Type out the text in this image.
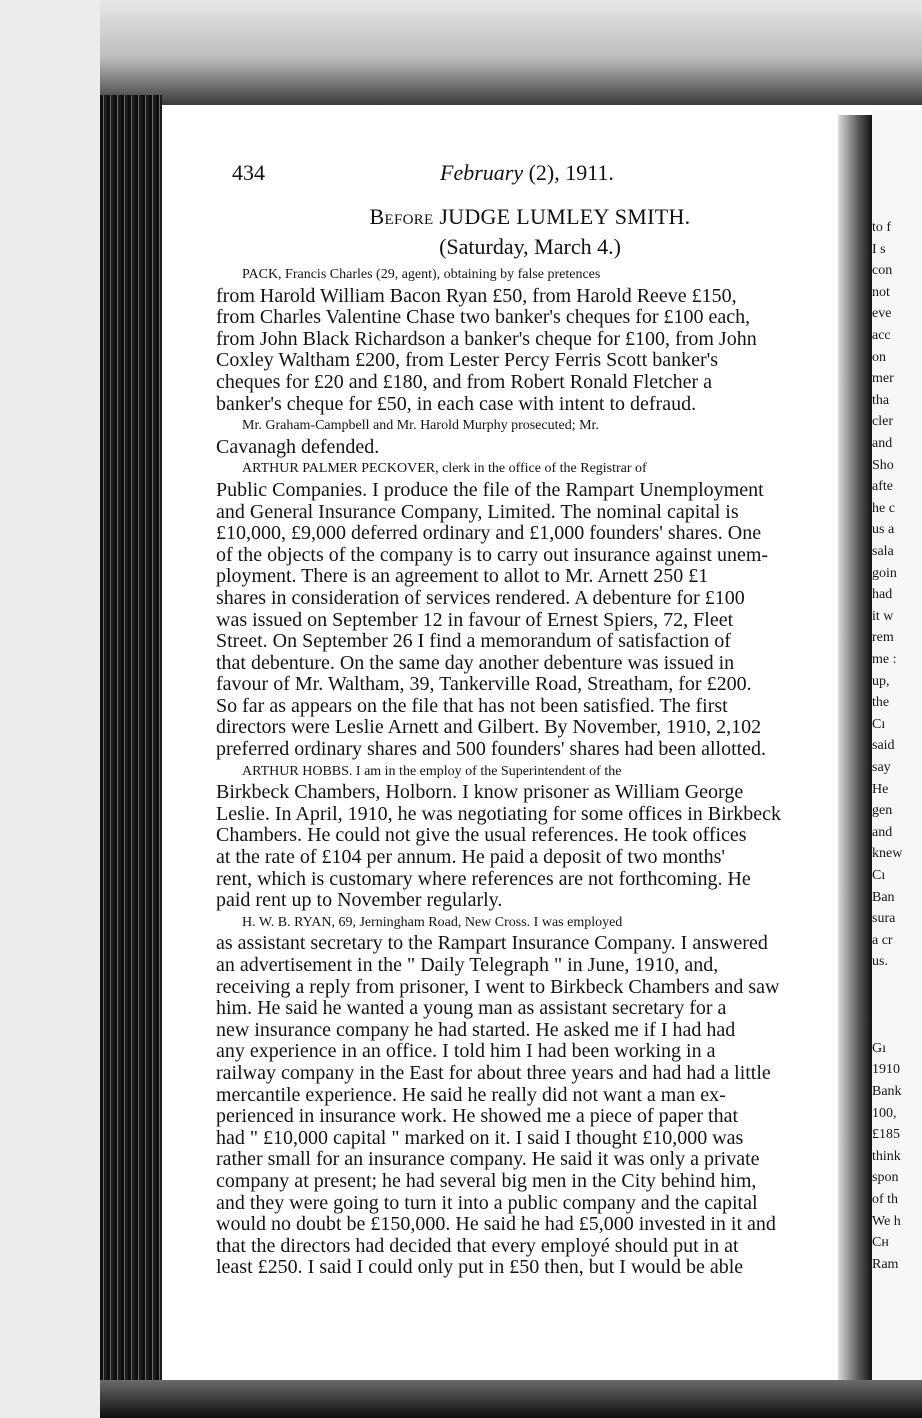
to f
I s
con
not
eve
acc
on
mer
tha
cler
and
Sho
afte
he c
us a
sala
goin
had
it w
rem
me :
up,
the
Cı
said
say
He
gen
and
knew
Cı
Ban
sura
a cr
us.
Gı
1910
Bank
100,
£185
think
spon
of th
We h
Cн
Ram

434	February (2), 1911.

Before JUDGE LUMLEY SMITH.

(Saturday, March 4.)

PACK, Francis Charles (29, agent), obtaining by false pretences

from Harold William Bacon Ryan £50, from Harold Reeve £150,

from Charles Valentine Chase two banker's cheques for £100 each,

from John Black Richardson a banker's cheque for £100, from John

Coxley Waltham £200, from Lester Percy Ferris Scott banker's

cheques for £20 and £180, and from Robert Ronald Fletcher a

banker's cheque for £50, in each case with intent to defraud.

Mr. Graham-Campbell and Mr. Harold Murphy prosecuted; Mr.

Cavanagh defended.

ARTHUR PALMER PECKOVER, clerk in the office of the Registrar of

Public Companies. I produce the file of the Rampart Unemployment

and General Insurance Company, Limited. The nominal capital is

£10,000, £9,000 deferred ordinary and £1,000 founders' shares. One

of the objects of the company is to carry out insurance against unem-

ployment. There is an agreement to allot to Mr. Arnett 250 £1

shares in consideration of services rendered. A debenture for £100

was issued on September 12 in favour of Ernest Spiers, 72, Fleet

Street. On September 26 I find a memorandum of satisfaction of

that debenture. On the same day another debenture was issued in

favour of Mr. Waltham, 39, Tankerville Road, Streatham, for £200.

So far as appears on the file that has not been satisfied. The first

directors were Leslie Arnett and Gilbert. By November, 1910, 2,102

preferred ordinary shares and 500 founders' shares had been allotted.

ARTHUR HOBBS. I am in the employ of the Superintendent of the

Birkbeck Chambers, Holborn. I know prisoner as William George

Leslie. In April, 1910, he was negotiating for some offices in Birkbeck

Chambers. He could not give the usual references. He took offices

at the rate of £104 per annum. He paid a deposit of two months'

rent, which is customary where references are not forthcoming. He

paid rent up to November regularly.

H. W. B. RYAN, 69, Jerningham Road, New Cross. I was employed

as assistant secretary to the Rampart Insurance Company. I answered

an advertisement in the " Daily Telegraph " in June, 1910, and,

receiving a reply from prisoner, I went to Birkbeck Chambers and saw

him. He said he wanted a young man as assistant secretary for a

new insurance company he had started. He asked me if I had had

any experience in an office. I told him I had been working in a

railway company in the East for about three years and had had a little

mercantile experience. He said he really did not want a man ex-

perienced in insurance work. He showed me a piece of paper that

had " £10,000 capital " marked on it. I said I thought £10,000 was

rather small for an insurance company. He said it was only a private

company at present; he had several big men in the City behind him,

and they were going to turn it into a public company and the capital

would no doubt be £150,000. He said he had £5,000 invested in it and

that the directors had decided that every employé should put in at

least £250. I said I could only put in £50 then, but I would be able
